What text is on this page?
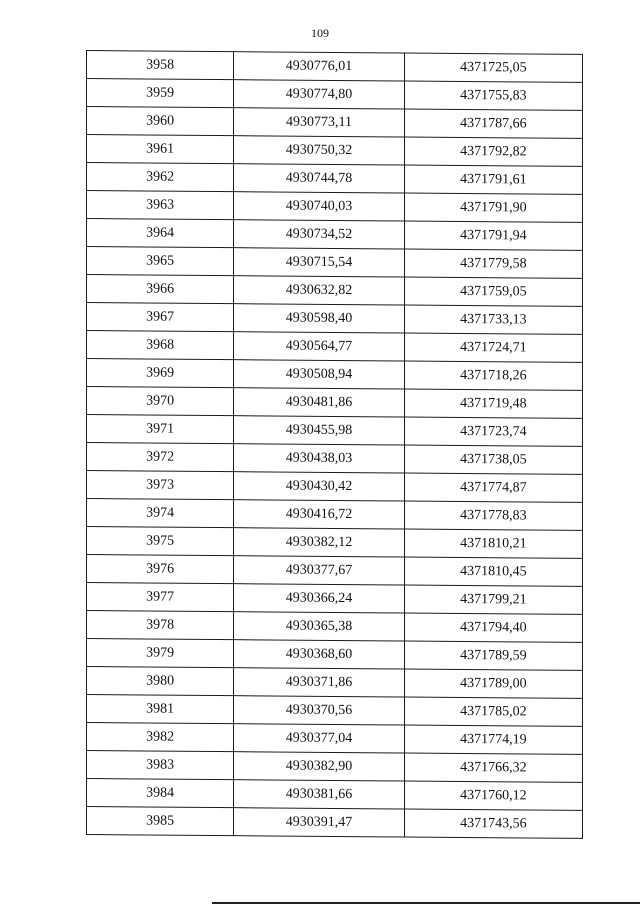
109
3958	4930776,01	4371725,05
3959	4930774,80	4371755,83
3960	4930773,11	4371787,66
3961	4930750,32	4371792,82
3962	4930744,78	4371791,61
3963	4930740,03	4371791,90
3964	4930734,52	4371791,94
3965	4930715,54	4371779,58
3966	4930632,82	4371759,05
3967	4930598,40	4371733,13
3968	4930564,77	4371724,71
3969	4930508,94	4371718,26
3970	4930481,86	4371719,48
3971	4930455,98	4371723,74
3972	4930438,03	4371738,05
3973	4930430,42	4371774,87
3974	4930416,72	4371778,83
3975	4930382,12	4371810,21
3976	4930377,67	4371810,45
3977	4930366,24	4371799,21
3978	4930365,38	4371794,40
3979	4930368,60	4371789,59
3980	4930371,86	4371789,00
3981	4930370,56	4371785,02
3982	4930377,04	4371774,19
3983	4930382,90	4371766,32
3984	4930381,66	4371760,12
3985	4930391,47	4371743,56
